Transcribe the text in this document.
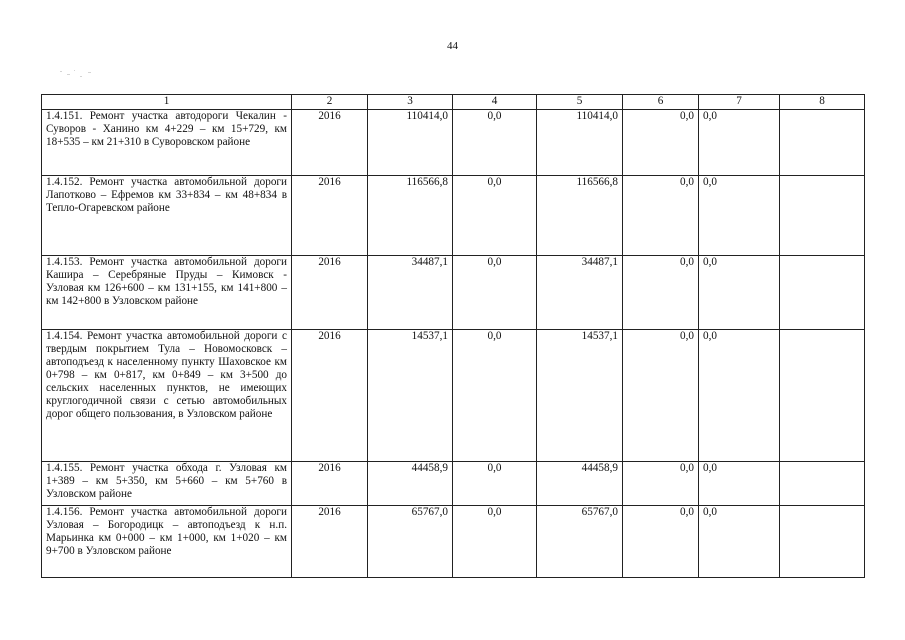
44
1	2	3	4	5	6	7	8
1.4.151. Ремонт участка автодороги Чекалин - Суворов - Ханино км 4+229 – км 15+729, км 18+535 – км 21+310 в Суворовском районе	2016	110414,0	0,0	110414,0	0,0	0,0	
1.4.152. Ремонт участка автомобильной дороги Лапотково – Ефремов км 33+834 – км 48+834 в Тепло-Огаревском районе	2016	116566,8	0,0	116566,8	0,0	0,0	
1.4.153. Ремонт участка автомобильной дороги Кашира – Серебряные Пруды – Кимовск - Узловая км 126+600 – км 131+155, км 141+800 – км 142+800 в Узловском районе	2016	34487,1	0,0	34487,1	0,0	0,0	
1.4.154. Ремонт участка автомобильной дороги с твердым покрытием Тула – Новомосковск – автоподъезд к населенному пункту Шаховское км 0+798 – км 0+817, км 0+849 – км 3+500 до сельских населенных пунктов, не имеющих круглогодичной связи с сетью автомобильных дорог общего пользования, в Узловском районе	2016	14537,1	0,0	14537,1	0,0	0,0	
1.4.155. Ремонт участка обхода г. Узловая км 1+389 – км 5+350, км 5+660 – км 5+760 в Узловском районе	2016	44458,9	0,0	44458,9	0,0	0,0	
1.4.156. Ремонт участка автомобильной дороги Узловая – Богородицк – автоподъезд к н.п. Марьинка км 0+000 – км 1+000, км 1+020 – км 9+700 в Узловском районе	2016	65767,0	0,0	65767,0	0,0	0,0	
